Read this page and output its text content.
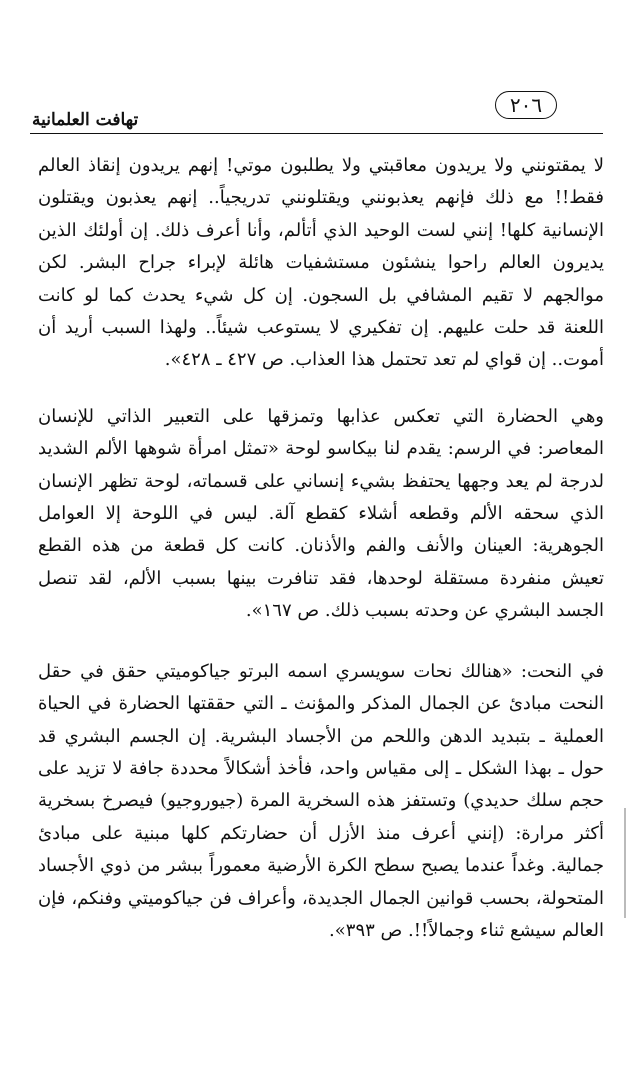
٢٠٦
تهافت العلمانية

لا يمقتونني ولا يريدون معاقبتي ولا يطلبون موتي! إنهم يريدون إنقاذ العالم فقط!! مع ذلك فإنهم يعذبونني ويقتلونني تدريجياً.. إنهم يعذبون ويقتلون الإنسانية كلها! إنني لست الوحيد الذي أتألم، وأنا أعرف ذلك. إن أولئك الذين يديرون العالم راحوا ينشئون مستشفيات هائلة لإبراء جراح البشر. لكن موالجهم لا تقيم المشافي بل السجون. إن كل شيء يحدث كما لو كانت اللعنة قد حلت عليهم. إن تفكيري لا يستوعب شيئاً.. ولهذا السبب أريد أن أموت.. إن قواي لم تعد تحتمل هذا العذاب. ص ٤٢٧ ـ ٤٢٨».

وهي الحضارة التي تعكس عذابها وتمزقها على التعبير الذاتي للإنسان المعاصر: في الرسم: يقدم لنا بيكاسو لوحة «تمثل امرأة شوهها الألم الشديد لدرجة لم يعد وجهها يحتفظ بشيء إنساني على قسماته، لوحة تظهر الإنسان الذي سحقه الألم وقطعه أشلاء كقطع آلة. ليس في اللوحة إلا العوامل الجوهرية: العينان والأنف والفم والأذنان. كانت كل قطعة من هذه القطع تعيش منفردة مستقلة لوحدها، فقد تنافرت بينها بسبب الألم، لقد تنصل الجسد البشري عن وحدته بسبب ذلك. ص ١٦٧».

في النحت: «هنالك نحات سويسري اسمه البرتو جياكوميتي حقق في حقل النحت مبادئ عن الجمال المذكر والمؤنث ـ التي حققتها الحضارة في الحياة العملية ـ بتبديد الدهن واللحم من الأجساد البشرية. إن الجسم البشري قد حول ـ بهذا الشكل ـ إلى مقياس واحد، فأخذ أشكالاً محددة جافة لا تزيد على حجم سلك حديدي) وتستفز هذه السخرية المرة (جيوروجيو) فيصرخ بسخرية أكثر مرارة: (إنني أعرف منذ الأزل أن حضارتكم كلها مبنية على مبادئ جمالية. وغداً عندما يصبح سطح الكرة الأرضية معموراً ببشر من ذوي الأجساد المتحولة، بحسب قوانين الجمال الجديدة، وأعراف فن جياكوميتي وفنكم، فإن العالم سيشع ثناء وجمالاً!!. ص ٣٩٣».
